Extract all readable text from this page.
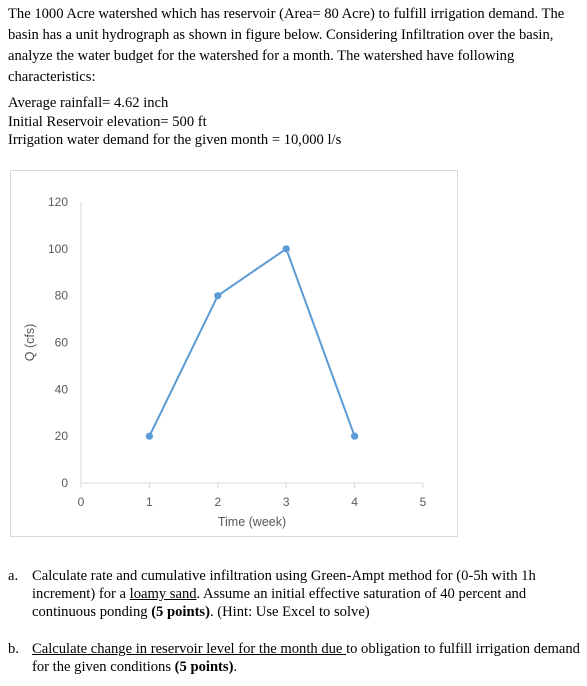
The 1000 Acre watershed which has reservoir (Area= 80 Acre) to fulfill irrigation demand. The basin has a unit hydrograph as shown in figure below. Considering Infiltration over the basin, analyze the water budget for the watershed for a month. The watershed have following characteristics:

Average rainfall= 4.62 inch
Initial Reservoir elevation= 500 ft
Irrigation water demand for the given month = 10,000 l/s
0
20
40
60
80
100
120
0	1	2	3	4	5
Time (week)
Q (cfs)
a. Calculate rate and cumulative infiltration using Green-Ampt method for (0-5h with 1h increment) for a loamy sand. Assume an initial effective saturation of 40 percent and continuous ponding (5 points). (Hint: Use Excel to solve)
b. Calculate change in reservoir level for the month due to obligation to fulfill irrigation demand for the given conditions (5 points).
